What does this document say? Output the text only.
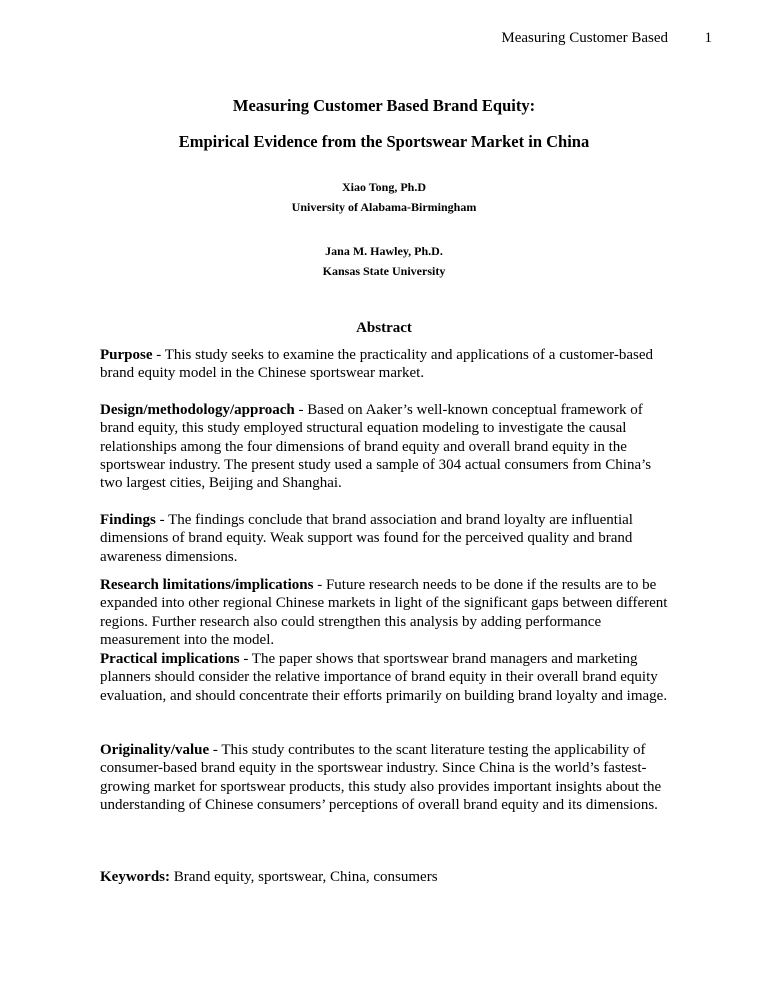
Measuring Customer Based 1
Measuring Customer Based Brand Equity:
Empirical Evidence from the Sportswear Market in China
Xiao Tong, Ph.D
University of Alabama-Birmingham
Jana M. Hawley, Ph.D.
Kansas State University
Abstract

Purpose - This study seeks to examine the practicality and applications of a customer-based brand equity model in the Chinese sportswear market.

Design/methodology/approach - Based on Aaker’s well-known conceptual framework of brand equity, this study employed structural equation modeling to investigate the causal relationships among the four dimensions of brand equity and overall brand equity in the sportswear industry. The present study used a sample of 304 actual consumers from China’s two largest cities, Beijing and Shanghai.

Findings - The findings conclude that brand association and brand loyalty are influential dimensions of brand equity. Weak support was found for the perceived quality and brand awareness dimensions.

Research limitations/implications - Future research needs to be done if the results are to be expanded into other regional Chinese markets in light of the significant gaps between different regions. Further research also could strengthen this analysis by adding performance measurement into the model.

Practical implications - The paper shows that sportswear brand managers and marketing planners should consider the relative importance of brand equity in their overall brand equity evaluation, and should concentrate their efforts primarily on building brand loyalty and image.

Originality/value - This study contributes to the scant literature testing the applicability of consumer-based brand equity in the sportswear industry. Since China is the world’s fastest-growing market for sportswear products, this study also provides important insights about the understanding of Chinese consumers’ perceptions of overall brand equity and its dimensions.

Keywords: Brand equity, sportswear, China, consumers
